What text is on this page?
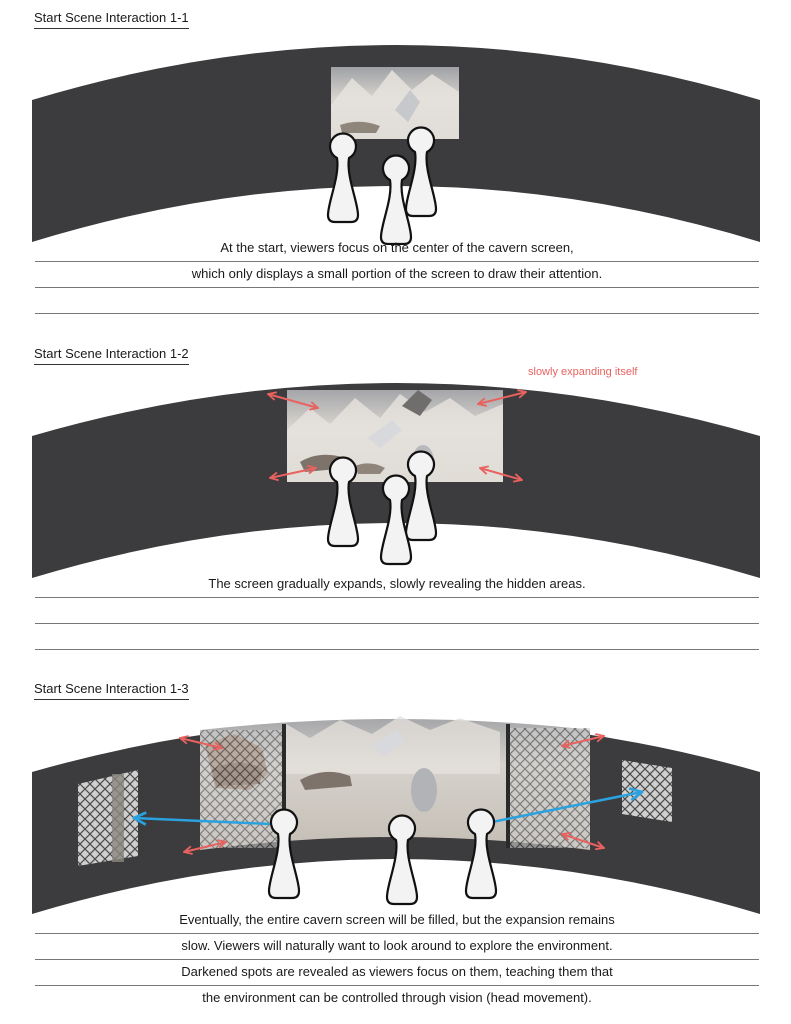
Start Scene Interaction 1-1
At the start, viewers focus on the center of the cavern screen,
which only displays a small portion of the screen to draw their attention.
Start Scene Interaction 1-2
slowly expanding itself
The screen gradually expands, slowly revealing the hidden areas.
Start Scene Interaction 1-3
Eventually, the entire cavern screen will be filled, but the expansion remains
slow. Viewers will naturally want to look around to explore the environment.
Darkened spots are revealed as viewers focus on them, teaching them that
the environment can be controlled through vision (head movement).
